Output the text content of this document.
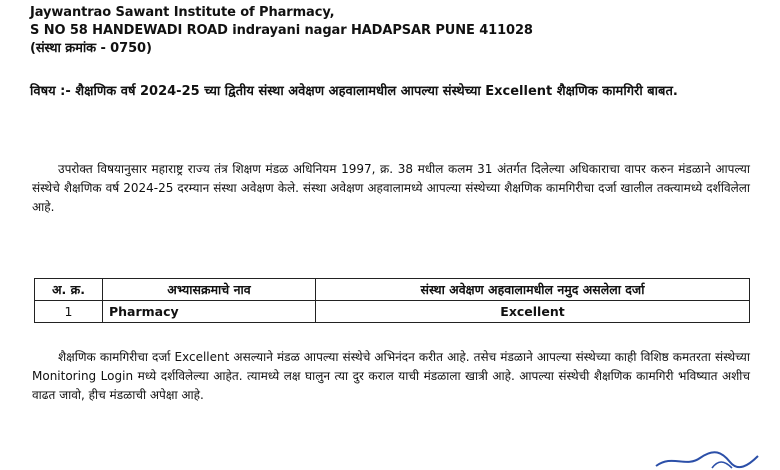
Jaywantrao Sawant Institute of Pharmacy,
S NO 58 HANDEWADI ROAD indrayani nagar HADAPSAR PUNE 411028
(संस्था क्रमांक - 0750)
विषय :- शैक्षणिक वर्ष 2024-25 च्या द्वितीय संस्था अवेक्षण अहवालामधील आपल्या संस्थेच्या Excellent शैक्षणिक कामगिरी बाबत.
उपरोक्त विषयानुसार महाराष्ट्र राज्य तंत्र शिक्षण मंडळ अधिनियम 1997, क्र. 38 मधील कलम 31 अंतर्गत दिलेल्या अधिकाराचा वापर करुन मंडळाने आपल्या संस्थेचे शैक्षणिक वर्ष 2024-25 दरम्यान संस्था अवेक्षण केले. संस्था अवेक्षण अहवालामध्ये आपल्या संस्थेच्या शैक्षणिक कामगिरीचा दर्जा खालील तक्त्यामध्ये दर्शविलेला आहे.
अ. क्र.	अभ्यासक्रमाचे नाव	संस्था अवेक्षण अहवालामधील नमुद असलेला दर्जा
1	Pharmacy	Excellent
शैक्षणिक कामगिरीचा दर्जा Excellent असल्याने मंडळ आपल्या संस्थेचे अभिनंदन करीत आहे. तसेच मंडळाने आपल्या संस्थेच्या काही विशिष्ठ कमतरता संस्थेच्या Monitoring Login मध्ये दर्शविलेल्या आहेत. त्यामध्ये लक्ष घालुन त्या दुर कराल याची मंडळाला खात्री आहे. आपल्या संस्थेची शैक्षणिक कामगिरी भविष्यात अशीच वाढत जावो, हीच मंडळाची अपेक्षा आहे.
